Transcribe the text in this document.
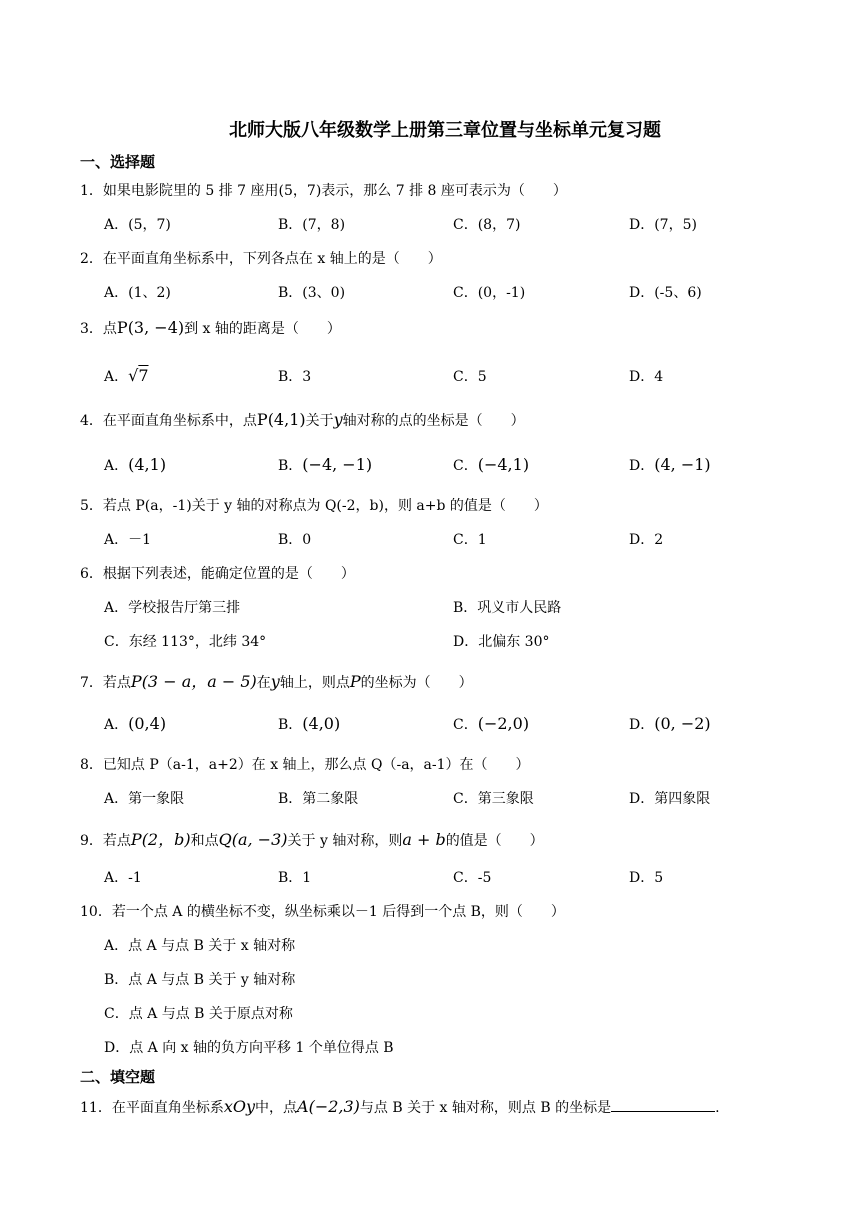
北师大版八年级数学上册第三章位置与坐标单元复习题
一、选择题
1．如果电影院里的 5 排 7 座用(5，7)表示，那么 7 排 8 座可表示为（　　）
A．(5，7)	B．(7，8)	C．(8，7)	D．(7，5)
2．在平面直角坐标系中，下列各点在 x 轴上的是（　　）
A．(1、2)	B．(3、0)	C．(0，-1)	D．(-5、6)
3．点P(3, −4)到 x 轴的距离是（　　）
A．√7	B．3	C．5	D．4
4．在平面直角坐标系中，点P(4,1)关于y轴对称的点的坐标是（　　）
A．(4,1)	B．(−4, −1)	C．(−4,1)	D．(4, −1)
5．若点 P(a，-1)关于 y 轴的对称点为 Q(-2，b)，则 a+b 的值是（　　）
A．－1	B．0	C．1	D．2
6．根据下列表述，能确定位置的是（　　）
A．学校报告厅第三排	B．巩义市人民路
C．东经 113°，北纬 34°	D．北偏东 30°
7．若点P(3 − a，a − 5)在y轴上，则点P的坐标为（　　）
A．(0,4)	B．(4,0)	C．(−2,0)	D．(0, −2)
8．已知点 P（a-1，a+2）在 x 轴上，那么点 Q（-a，a-1）在（　　）
A．第一象限	B．第二象限	C．第三象限	D．第四象限
9．若点P(2，b)和点Q(a, −3)关于 y 轴对称，则a + b的值是（　　）
A．-1	B．1	C．-5	D．5
10．若一个点 A 的横坐标不变，纵坐标乘以－1 后得到一个点 B，则（　　）
A．点 A 与点 B 关于 x 轴对称
B．点 A 与点 B 关于 y 轴对称
C．点 A 与点 B 关于原点对称
D．点 A 向 x 轴的负方向平移 1 个单位得点 B
二、填空题
11．在平面直角坐标系xOy中，点A(−2,3)与点 B 关于 x 轴对称，则点 B 的坐标是	.
